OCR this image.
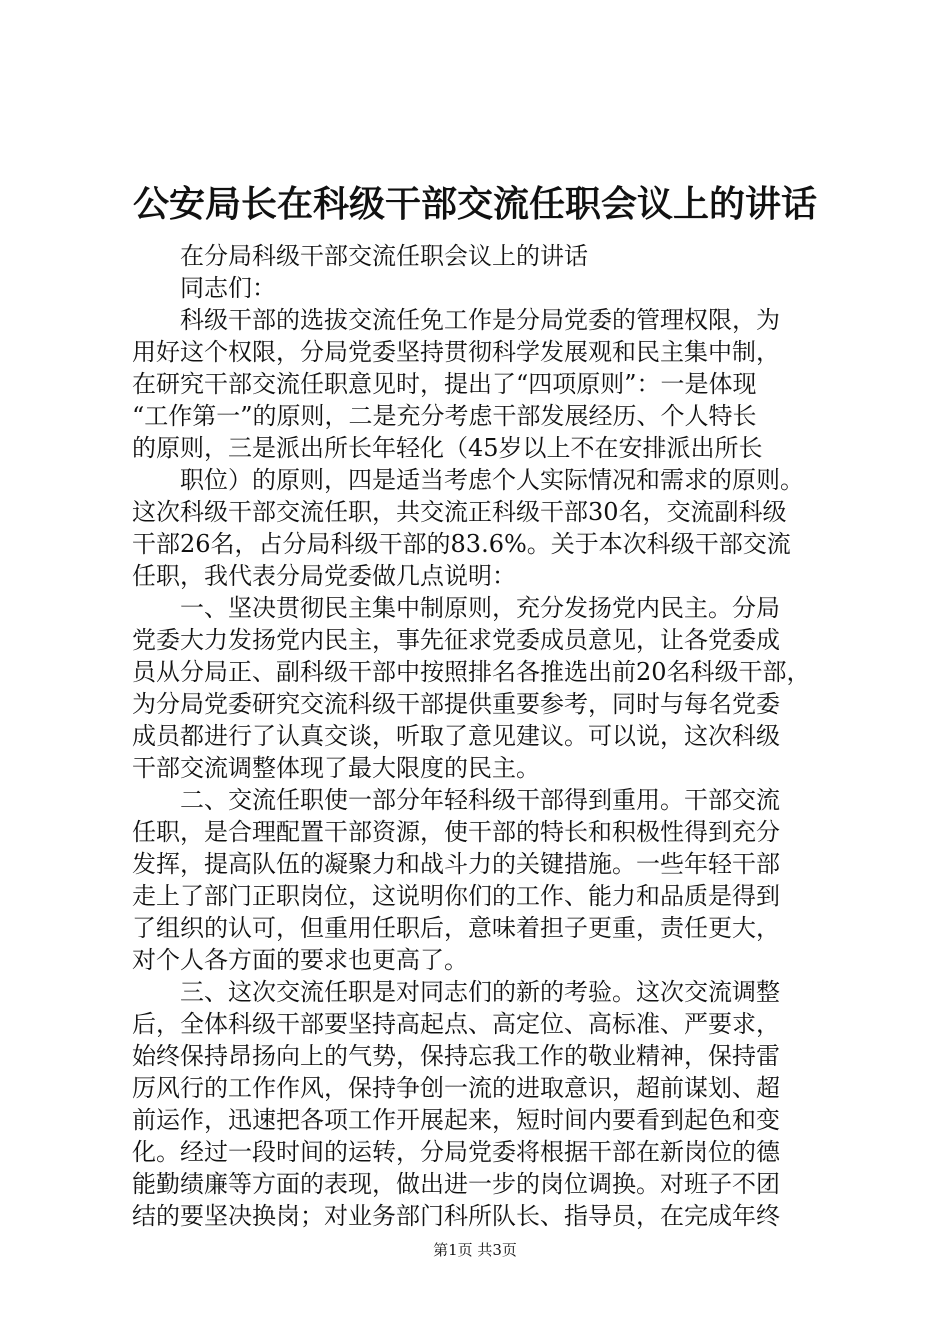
公安局长在科级干部交流任职会议上的讲话
在分局科级干部交流任职会议上的讲话
同志们：
科级干部的选拔交流任免工作是分局党委的管理权限，为
用好这个权限，分局党委坚持贯彻科学发展观和民主集中制，
在研究干部交流任职意见时，提出了“四项原则”：一是体现
“工作第一”的原则，二是充分考虑干部发展经历、个人特长
的原则，三是派出所长年轻化（45岁以上不在安排派出所长
职位）的原则，四是适当考虑个人实际情况和需求的原则。
这次科级干部交流任职，共交流正科级干部30名，交流副科级
干部26名，占分局科级干部的83.6%。关于本次科级干部交流
任职，我代表分局党委做几点说明：
一、坚决贯彻民主集中制原则，充分发扬党内民主。分局
党委大力发扬党内民主，事先征求党委成员意见，让各党委成
员从分局正、副科级干部中按照排名各推选出前20名科级干部，
为分局党委研究交流科级干部提供重要参考，同时与每名党委
成员都进行了认真交谈，听取了意见建议。可以说，这次科级
干部交流调整体现了最大限度的民主。
二、交流任职使一部分年轻科级干部得到重用。干部交流
任职，是合理配置干部资源，使干部的特长和积极性得到充分
发挥，提高队伍的凝聚力和战斗力的关键措施。一些年轻干部
走上了部门正职岗位，这说明你们的工作、能力和品质是得到
了组织的认可，但重用任职后，意味着担子更重，责任更大，
对个人各方面的要求也更高了。
三、这次交流任职是对同志们的新的考验。这次交流调整
后，全体科级干部要坚持高起点、高定位、高标准、严要求，
始终保持昂扬向上的气势，保持忘我工作的敬业精神，保持雷
厉风行的工作作风，保持争创一流的进取意识，超前谋划、超
前运作，迅速把各项工作开展起来，短时间内要看到起色和变
化。经过一段时间的运转，分局党委将根据干部在新岗位的德
能勤绩廉等方面的表现，做出进一步的岗位调换。对班子不团
结的要坚决换岗；对业务部门科所队长、指导员，在完成年终
第1页 共3页
